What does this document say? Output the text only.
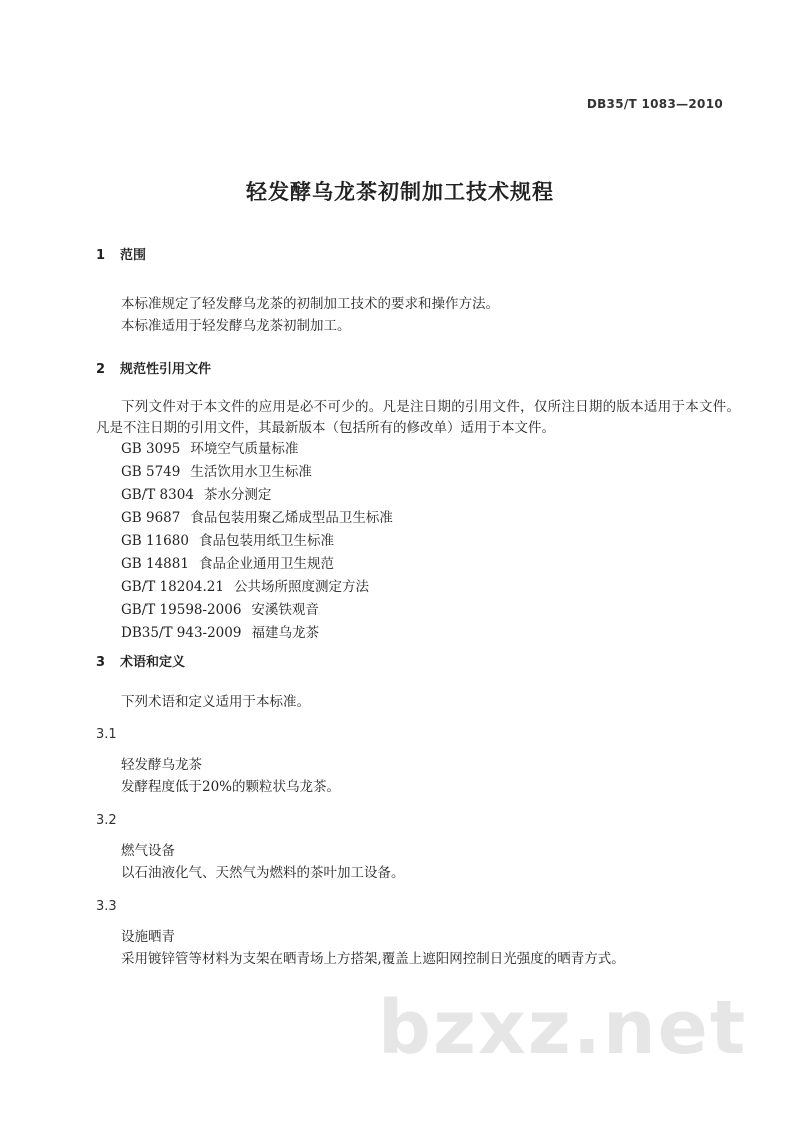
DB35/T 1083—2010
轻发酵乌龙茶初制加工技术规程
1 范围
本标准规定了轻发酵乌龙茶的初制加工技术的要求和操作方法。
本标准适用于轻发酵乌龙茶初制加工。
2 规范性引用文件
下列文件对于本文件的应用是必不可少的。凡是注日期的引用文件，仅所注日期的版本适用于本文件。凡是不注日期的引用文件，其最新版本（包括所有的修改单）适用于本文件。
GB 3095 环境空气质量标准
GB 5749 生活饮用水卫生标准
GB/T 8304 茶水分测定
GB 9687 食品包装用聚乙烯成型品卫生标准
GB 11680 食品包装用纸卫生标准
GB 14881 食品企业通用卫生规范
GB/T 18204.21 公共场所照度测定方法
GB/T 19598-2006 安溪铁观音
DB35/T 943-2009 福建乌龙茶
3 术语和定义
下列术语和定义适用于本标准。
3.1
轻发酵乌龙茶
发酵程度低于20%的颗粒状乌龙茶。
3.2
燃气设备
以石油液化气、天然气为燃料的茶叶加工设备。
3.3
设施晒青
采用镀锌管等材料为支架在晒青场上方搭架,覆盖上遮阳网控制日光强度的晒青方式。
bzxz.net
